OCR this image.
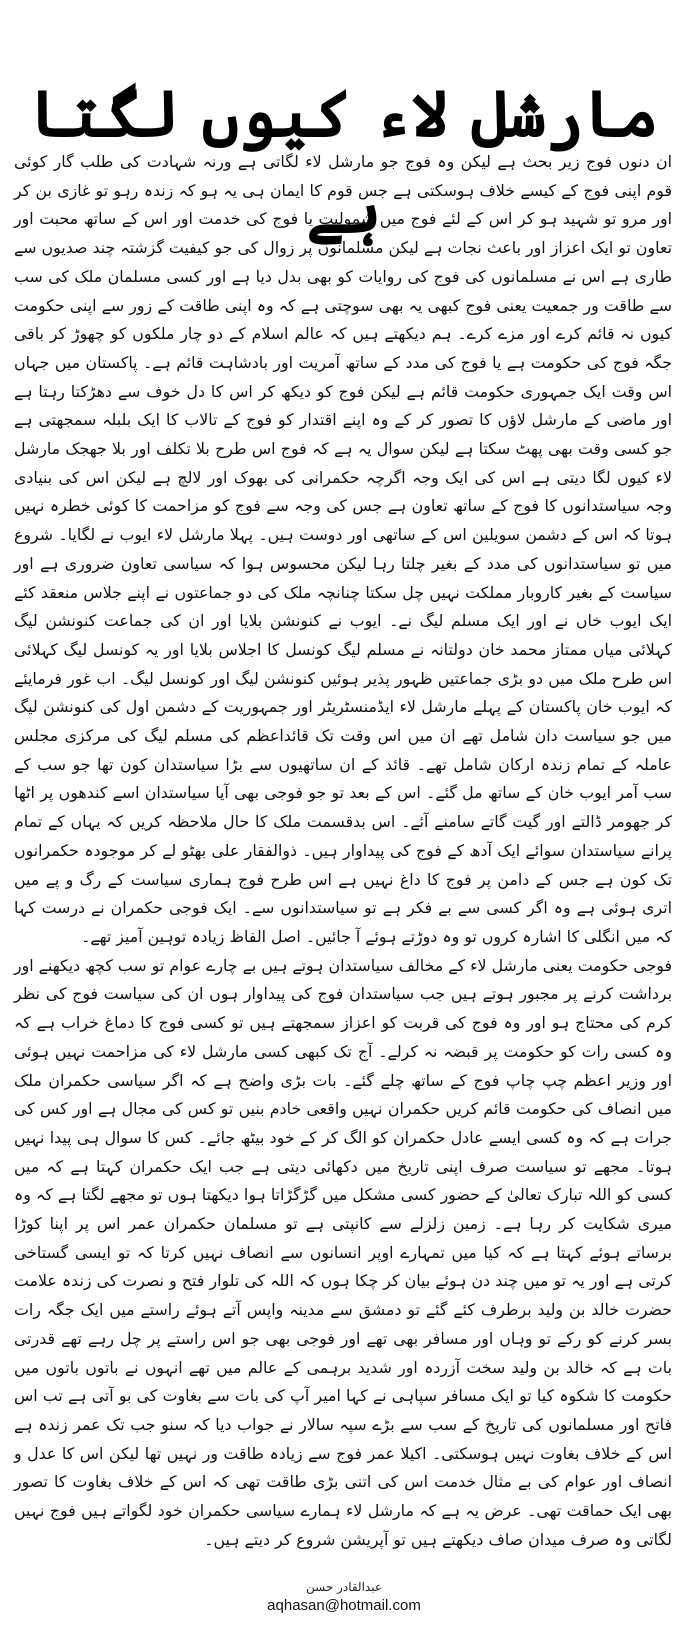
مارشل لاء کیوں لگتا ہے

ان دنوں فوج زیر بحث ہے لیکن وہ فوج جو مارشل لاء لگاتی ہے ورنہ شہادت کی طلب گار کوئی قوم اپنی فوج کے کیسے خلاف ہوسکتی ہے جس قوم کا ایمان ہی یہ ہو کہ زندہ رہو تو غازی بن کر اور مرو تو شہید ہو کر اس کے لئے فوج میں شمولیت یا فوج کی خدمت اور اس کے ساتھ محبت اور تعاون تو ایک اعزاز اور باعث نجات ہے لیکن مسلمانوں پر زوال کی جو کیفیت گزشتہ چند صدیوں سے طاری ہے اس نے مسلمانوں کی فوج کی روایات کو بھی بدل دیا ہے اور کسی مسلمان ملک کی سب سے طاقت ور جمعیت یعنی فوج کبھی یہ بھی سوچتی ہے کہ وہ اپنی طاقت کے زور سے اپنی حکومت کیوں نہ قائم کرے اور مزے کرے۔ ہم دیکھتے ہیں کہ عالم اسلام کے دو چار ملکوں کو چھوڑ کر باقی جگہ فوج کی حکومت ہے یا فوج کی مدد کے ساتھ آمریت اور بادشاہت قائم ہے۔ پاکستان میں جہاں اس وقت ایک جمہوری حکومت قائم ہے لیکن فوج کو دیکھ کر اس کا دل خوف سے دھڑکتا رہتا ہے اور ماضی کے مارشل لاؤں کا تصور کر کے وہ اپنے اقتدار کو فوج کے تالاب کا ایک بلبلہ سمجھتی ہے جو کسی وقت بھی پھٹ سکتا ہے لیکن سوال یہ ہے کہ فوج اس طرح بلا تکلف اور بلا جھجک مارشل لاء کیوں لگا دیتی ہے اس کی ایک وجہ اگرچہ حکمرانی کی بھوک اور لالچ ہے لیکن اس کی بنیادی وجہ سیاستدانوں کا فوج کے ساتھ تعاون ہے جس کی وجہ سے فوج کو مزاحمت کا کوئی خطرہ نہیں ہوتا کہ اس کے دشمن سویلین اس کے ساتھی اور دوست ہیں۔ پہلا مارشل لاء ایوب نے لگایا۔ شروع میں تو سیاستدانوں کی مدد کے بغیر چلتا رہا لیکن محسوس ہوا کہ سیاسی تعاون ضروری ہے اور سیاست کے بغیر کاروبار مملکت نہیں چل سکتا چنانچہ ملک کی دو جماعتوں نے اپنے جلاس منعقد کئے ایک ایوب خاں نے اور ایک مسلم لیگ نے۔ ایوب نے کنونشن بلایا اور ان کی جماعت کنونشن لیگ کہلائی میاں ممتاز محمد خان دولتانہ نے مسلم لیگ کونسل کا اجلاس بلایا اور یہ کونسل لیگ کہلائی اس طرح ملک میں دو بڑی جماعتیں ظہور پذیر ہوئیں کنونشن لیگ اور کونسل لیگ۔ اب غور فرمایئے کہ ایوب خان پاکستان کے پہلے مارشل لاء ایڈمنسٹریٹر اور جمہوریت کے دشمن اول کی کنونشن لیگ میں جو سیاست دان شامل تھے ان میں اس وقت تک قائداعظم کی مسلم لیگ کی مرکزی مجلس عاملہ کے تمام زندہ ارکان شامل تھے۔ قائد کے ان ساتھیوں سے بڑا سیاستدان کون تھا جو سب کے سب آمر ایوب خان کے ساتھ مل گئے۔ اس کے بعد تو جو فوجی بھی آیا سیاستدان اسے کندھوں پر اٹھا کر جھومر ڈالتے اور گیت گاتے سامنے آئے۔ اس بدقسمت ملک کا حال ملاحظہ کریں کہ یہاں کے تمام پرانے سیاستدان سوائے ایک آدھ کے فوج کی پیداوار ہیں۔ ذوالفقار علی بھٹو لے کر موجودہ حکمرانوں تک کون ہے جس کے دامن پر فوج کا داغ نہیں ہے اس طرح فوج ہماری سیاست کے رگ و پے میں اتری ہوئی ہے وہ اگر کسی سے بے فکر ہے تو سیاستدانوں سے۔ ایک فوجی حکمران نے درست کہا کہ میں انگلی کا اشارہ کروں تو وہ دوڑتے ہوئے آ جائیں۔ اصل الفاظ زیادہ توہین آمیز تھے۔

فوجی حکومت یعنی مارشل لاء کے مخالف سیاستدان ہوتے ہیں بے چارے عوام تو سب کچھ دیکھنے اور برداشت کرنے پر مجبور ہوتے ہیں جب سیاستدان فوج کی پیداوار ہوں ان کی سیاست فوج کی نظر کرم کی محتاج ہو اور وہ فوج کی قربت کو اعزاز سمجھتے ہیں تو کسی فوج کا دماغ خراب ہے کہ وہ کسی رات کو حکومت پر قبضہ نہ کرلے۔ آج تک کبھی کسی مارشل لاء کی مزاحمت نہیں ہوئی اور وزیر اعظم چپ چاپ فوج کے ساتھ چلے گئے۔ بات بڑی واضح ہے کہ اگر سیاسی حکمران ملک میں انصاف کی حکومت قائم کریں حکمران نہیں واقعی خادم بنیں تو کس کی مجال ہے اور کس کی جرات ہے کہ وہ کسی ایسے عادل حکمران کو الگ کر کے خود بیٹھ جائے۔ کس کا سوال ہی پیدا نہیں ہوتا۔ مجھے تو سیاست صرف اپنی تاریخ میں دکھائی دیتی ہے جب ایک حکمران کہتا ہے کہ میں کسی کو اللہ تبارک تعالیٰ کے حضور کسی مشکل میں گڑگڑاتا ہوا دیکھتا ہوں تو مجھے لگتا ہے کہ وہ میری شکایت کر رہا ہے۔ زمین زلزلے سے کانپتی ہے تو مسلمان حکمران عمر اس پر اپنا کوڑا برساتے ہوئے کہتا ہے کہ کیا میں تمہارے اوپر انسانوں سے انصاف نہیں کرتا کہ تو ایسی گستاخی کرتی ہے اور یہ تو میں چند دن ہوئے بیان کر چکا ہوں کہ اللہ کی تلوار فتح و نصرت کی زندہ علامت حضرت خالد بن ولید برطرف کئے گئے تو دمشق سے مدینہ واپس آتے ہوئے راستے میں ایک جگہ رات بسر کرنے کو رکے تو وہاں اور مسافر بھی تھے اور فوجی بھی جو اس راستے پر چل رہے تھے قدرتی بات ہے کہ خالد بن ولید سخت آزردہ اور شدید برہمی کے عالم میں تھے انہوں نے باتوں باتوں میں حکومت کا شکوہ کیا تو ایک مسافر سپاہی نے کہا امیر آپ کی بات سے بغاوت کی بو آتی ہے تب اس فاتح اور مسلمانوں کی تاریخ کے سب سے بڑے سپہ سالار نے جواب دیا کہ سنو جب تک عمر زندہ ہے اس کے خلاف بغاوت نہیں ہوسکتی۔ اکیلا عمر فوج سے زیادہ طاقت ور نہیں تھا لیکن اس کا عدل و انصاف اور عوام کی بے مثال خدمت اس کی اتنی بڑی طاقت تھی کہ اس کے خلاف بغاوت کا تصور بھی ایک حماقت تھی۔ عرض یہ ہے کہ مارشل لاء ہمارے سیاسی حکمران خود لگواتے ہیں فوج نہیں لگاتی وہ صرف میدان صاف دیکھتے ہیں تو آپریشن شروع کر دیتے ہیں۔

عبدالقادر حسن
aqhasan@hotmail.com
